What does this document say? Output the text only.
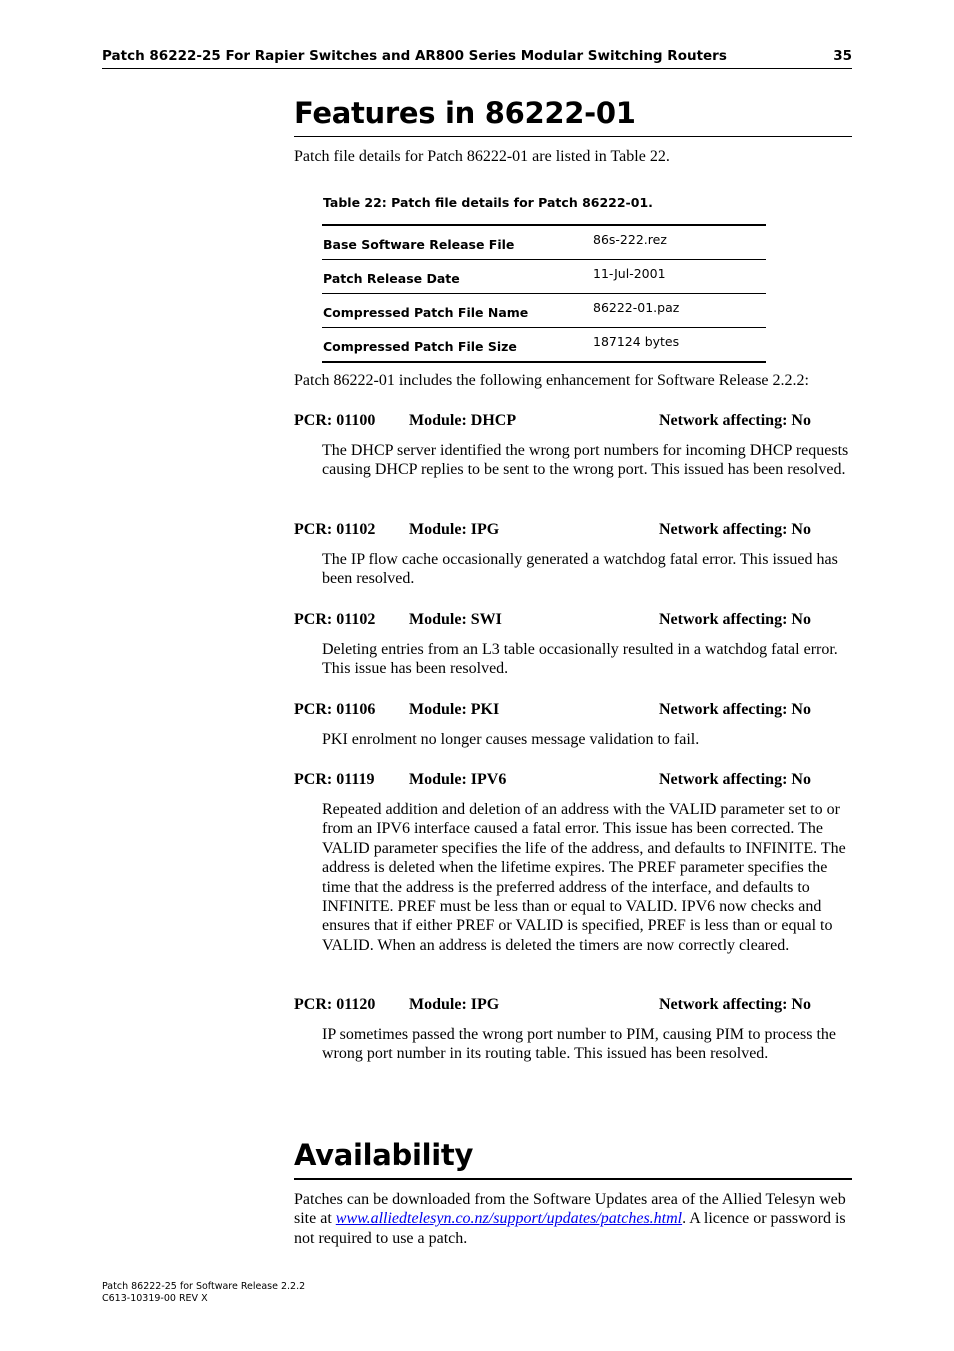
Patch 86222-25 For Rapier Switches and AR800 Series Modular Switching Routers	35
Features in 86222-01

Patch file details for Patch 86222-01 are listed in Table 22.

Table 22: Patch file details for Patch 86222-01.
Base Software Release File	86s-222.rez
Patch Release Date	11-Jul-2001
Compressed Patch File Name	86222-01.paz
Compressed Patch File Size	187124 bytes

Patch 86222-01 includes the following enhancement for Software Release 2.2.2:

PCR: 01100 Module: DHCP	Network affecting: No
The DHCP server identified the wrong port numbers for incoming DHCP requests causing DHCP replies to be sent to the wrong port. This issued has been resolved.
PCR: 01102 Module: IPG	Network affecting: No
The IP flow cache occasionally generated a watchdog fatal error. This issued has been resolved.
PCR: 01102 Module: SWI	Network affecting: No
Deleting entries from an L3 table occasionally resulted in a watchdog fatal error. This issue has been resolved.
PCR: 01106 Module: PKI	Network affecting: No
PKI enrolment no longer causes message validation to fail.
PCR: 01119 Module: IPV6	Network affecting: No
Repeated addition and deletion of an address with the VALID parameter set to or from an IPV6 interface caused a fatal error. This issue has been corrected. The VALID parameter specifies the life of the address, and defaults to INFINITE. The address is deleted when the lifetime expires. The PREF parameter specifies the time that the address is the preferred address of the interface, and defaults to INFINITE. PREF must be less than or equal to VALID. IPV6 now checks and ensures that if either PREF or VALID is specified, PREF is less than or equal to VALID. When an address is deleted the timers are now correctly cleared.
PCR: 01120 Module: IPG	Network affecting: No
IP sometimes passed the wrong port number to PIM, causing PIM to process the wrong port number in its routing table. This issued has been resolved.
Availability

Patches can be downloaded from the Software Updates area of the Allied Telesyn web site at www.alliedtelesyn.co.nz/support/updates/patches.html. A licence or password is not required to use a patch.

Patch 86222-25 for Software Release 2.2.2
C613-10319-00 REV X
